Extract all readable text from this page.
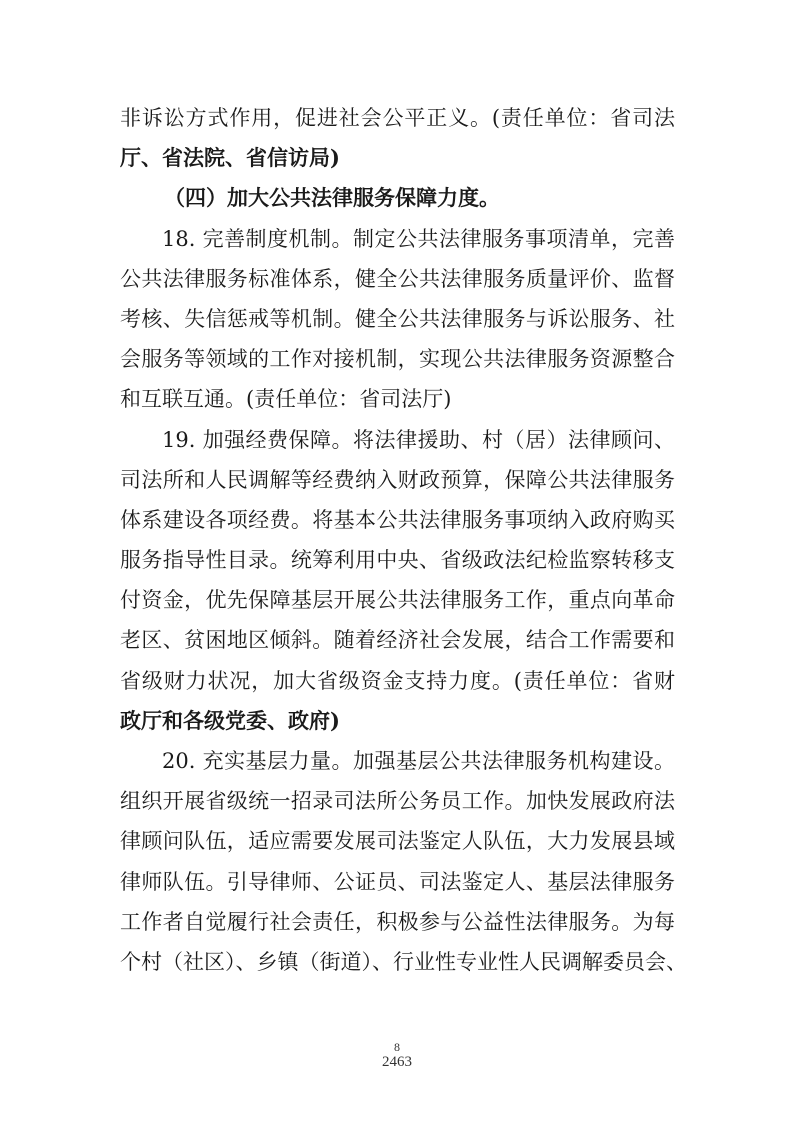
非诉讼方式作用，促进社会公平正义。(责任单位：省司法
厅、省法院、省信访局)
（四）加大公共法律服务保障力度。
18. 完善制度机制。制定公共法律服务事项清单，完善
公共法律服务标准体系，健全公共法律服务质量评价、监督
考核、失信惩戒等机制。健全公共法律服务与诉讼服务、社
会服务等领域的工作对接机制，实现公共法律服务资源整合
和互联互通。(责任单位：省司法厅)
19. 加强经费保障。将法律援助、村（居）法律顾问、
司法所和人民调解等经费纳入财政预算，保障公共法律服务
体系建设各项经费。将基本公共法律服务事项纳入政府购买
服务指导性目录。统筹利用中央、省级政法纪检监察转移支
付资金，优先保障基层开展公共法律服务工作，重点向革命
老区、贫困地区倾斜。随着经济社会发展，结合工作需要和
省级财力状况，加大省级资金支持力度。(责任单位：省财
政厅和各级党委、政府)
20. 充实基层力量。加强基层公共法律服务机构建设。
组织开展省级统一招录司法所公务员工作。加快发展政府法
律顾问队伍，适应需要发展司法鉴定人队伍，大力发展县域
律师队伍。引导律师、公证员、司法鉴定人、基层法律服务
工作者自觉履行社会责任，积极参与公益性法律服务。为每
个村（社区）、乡镇（街道）、行业性专业性人民调解委员会、
8
2463
